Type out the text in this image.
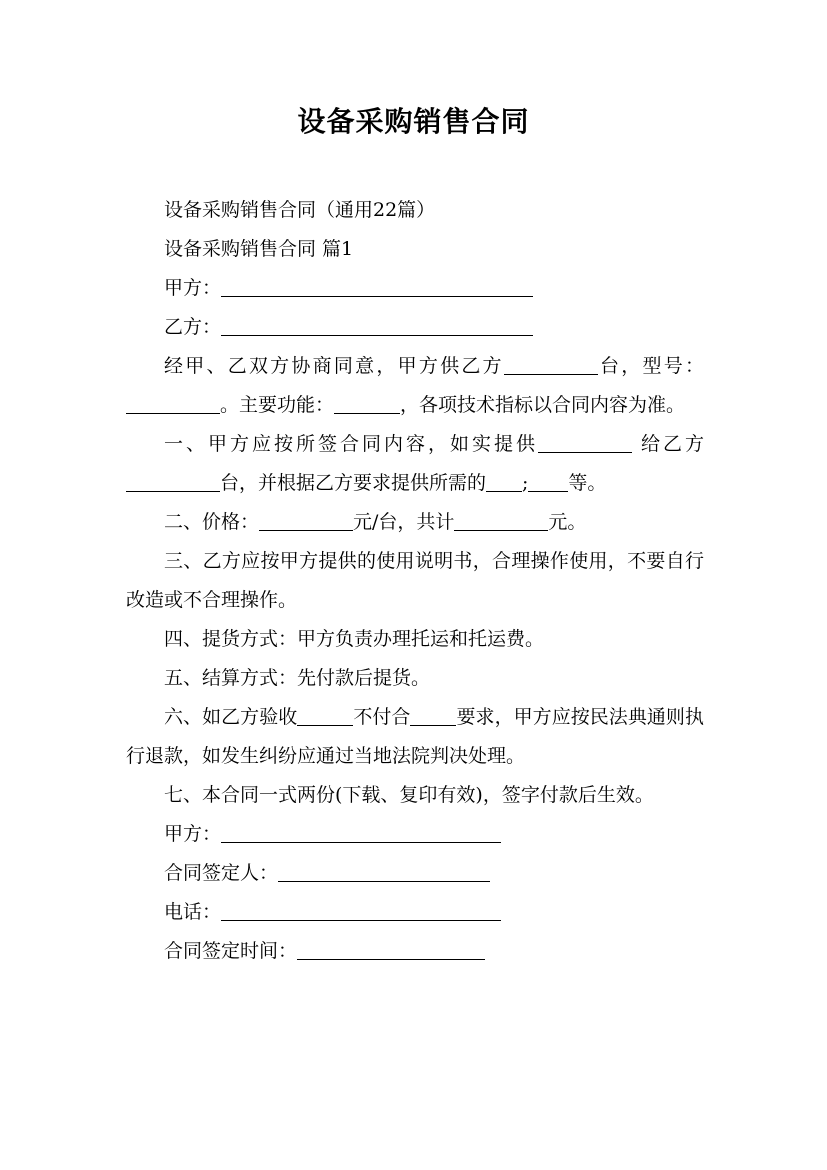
设备采购销售合同

设备采购销售合同（通用22篇）

设备采购销售合同 篇1

甲方：

乙方：

经甲、乙双方协商同意，甲方供乙方	台，型号：。主要功能：	，各项技术指标以合同内容为准。

一、甲方应按所签合同内容，如实提供	给乙方台，并根据乙方要求提供所需的 ; 等。

二、价格：	元/台，共计	元。

三、乙方应按甲方提供的使用说明书，合理操作使用，不要自行改造或不合理操作。

四、提货方式：甲方负责办理托运和托运费。

五、结算方式：先付款后提货。

六、如乙方验收	不付合 要求，甲方应按民法典通则执行退款，如发生纠纷应通过当地法院判决处理。

七、本合同一式两份(下载、复印有效)，签字付款后生效。

甲方：

合同签定人：

电话：

合同签定时间：
